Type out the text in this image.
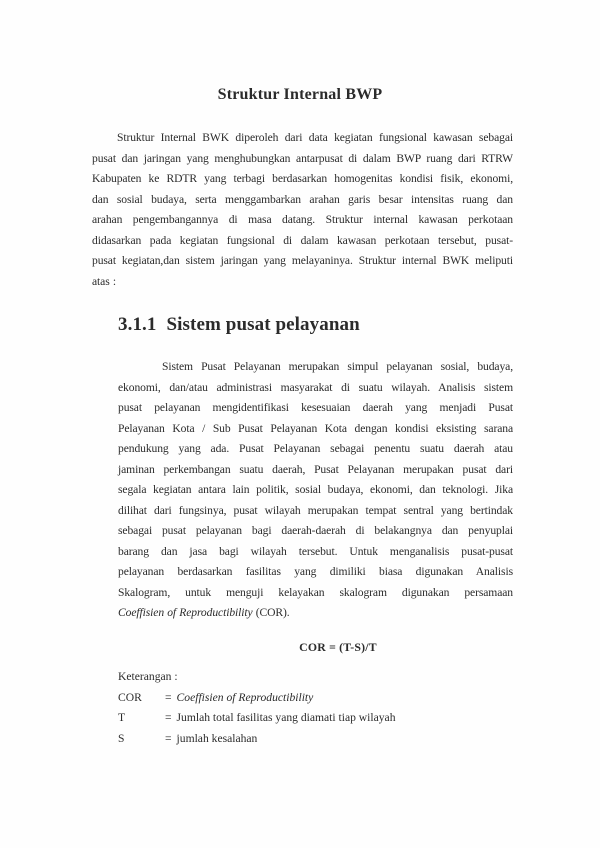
Struktur Internal BWP
Struktur Internal BWK diperoleh dari data kegiatan fungsional kawasan sebagai
pusat dan jaringan yang menghubungkan antarpusat di dalam BWP ruang dari RTRW
Kabupaten ke RDTR yang terbagi berdasarkan homogenitas kondisi fisik, ekonomi,
dan sosial budaya, serta menggambarkan arahan garis besar intensitas ruang dan
arahan pengembangannya di masa datang. Struktur internal kawasan perkotaan
didasarkan pada kegiatan fungsional di dalam kawasan perkotaan tersebut, pusat-
pusat kegiatan,dan sistem jaringan yang melayaninya. Struktur internal BWK meliputi
atas :
3.1.1 Sistem pusat pelayanan
Sistem Pusat Pelayanan merupakan simpul pelayanan sosial, budaya,
ekonomi, dan/atau administrasi masyarakat di suatu wilayah. Analisis sistem
pusat pelayanan mengidentifikasi kesesuaian daerah yang menjadi Pusat
Pelayanan Kota / Sub Pusat Pelayanan Kota dengan kondisi eksisting sarana
pendukung yang ada. Pusat Pelayanan sebagai penentu suatu daerah atau
jaminan perkembangan suatu daerah, Pusat Pelayanan merupakan pusat dari
segala kegiatan antara lain politik, sosial budaya, ekonomi, dan teknologi. Jika
dilihat dari fungsinya, pusat wilayah merupakan tempat sentral yang bertindak
sebagai pusat pelayanan bagi daerah-daerah di belakangnya dan penyuplai
barang dan jasa bagi wilayah tersebut. Untuk menganalisis pusat-pusat
pelayanan berdasarkan fasilitas yang dimiliki biasa digunakan Analisis
Skalogram, untuk menguji kelayakan skalogram digunakan persamaan
Coeffisien of Reproductibility (COR).
COR = (T-S)/T
Keterangan :
COR	= Coeffisien of Reproductibility
T	= Jumlah total fasilitas yang diamati tiap wilayah
S	= jumlah kesalahan
